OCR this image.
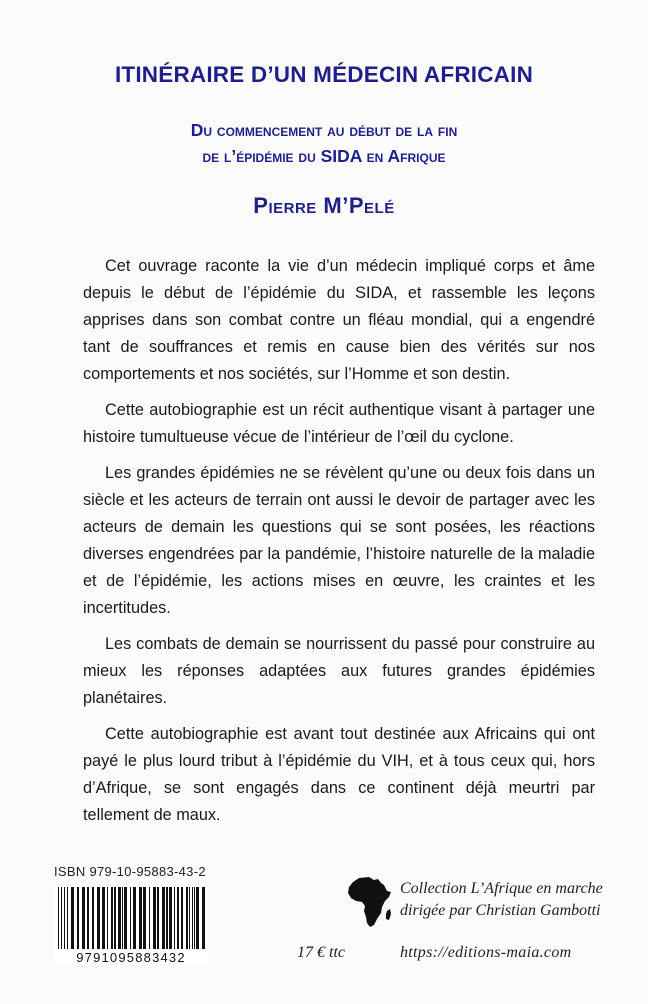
ITINÉRAIRE D’UN MÉDECIN AFRICAIN
Du commencement au début de la fin
de l’épidémie du SIDA en Afrique
Pierre M’Pelé

Cet ouvrage raconte la vie d’un médecin impliqué corps et âme depuis le début de l’épidémie du SIDA, et rassemble les leçons apprises dans son combat contre un fléau mondial, qui a engendré tant de souffrances et remis en cause bien des vérités sur nos comportements et nos sociétés, sur l’Homme et son destin.

Cette autobiographie est un récit authentique visant à partager une histoire tumultueuse vécue de l’intérieur de l’œil du cyclone.

Les grandes épidémies ne se révèlent qu’une ou deux fois dans un siècle et les acteurs de terrain ont aussi le devoir de partager avec les acteurs de demain les questions qui se sont posées, les réactions diverses engendrées par la pandémie, l’histoire naturelle de la maladie et de l’épidémie, les actions mises en œuvre, les craintes et les incertitudes.

Les combats de demain se nourrissent du passé pour construire au mieux les réponses adaptées aux futures grandes épidémies planétaires.

Cette autobiographie est avant tout destinée aux Africains qui ont payé le plus lourd tribut à l’épidémie du VIH, et à tous ceux qui, hors d’Afrique, se sont engagés dans ce continent déjà meurtri par tellement de maux.

ISBN 979-10-95883-43-2
9791095883432	17 € ttc
Collection L’Afrique en marche
dirigée par Christian Gambotti
https://editions-maia.com
